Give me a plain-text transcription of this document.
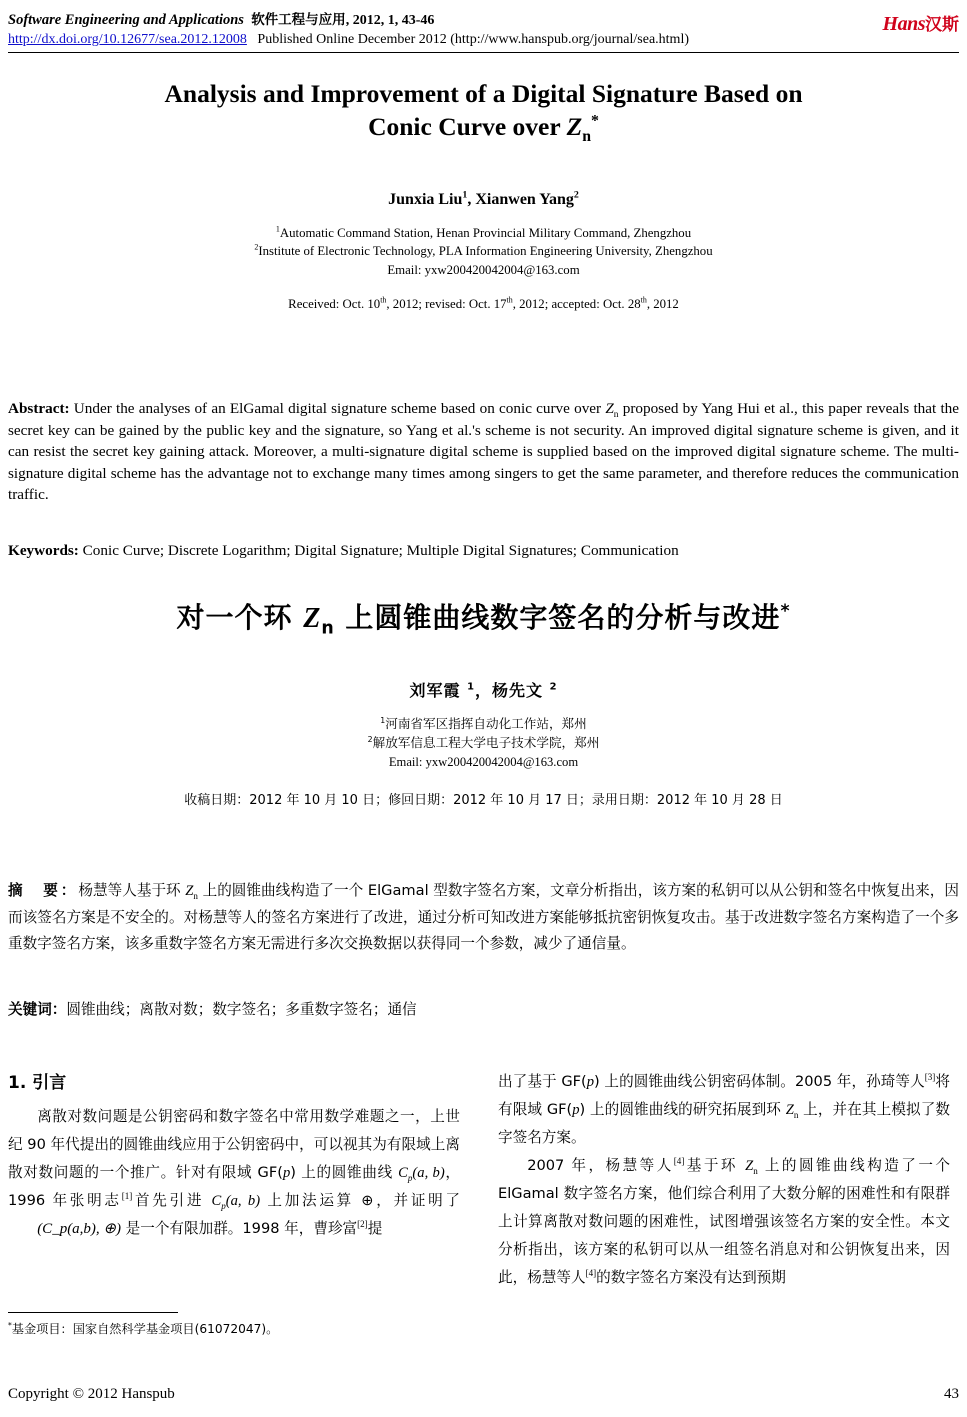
Software Engineering and Applications 软件工程与应用, 2012, 1, 43-46
http://dx.doi.org/10.12677/sea.2012.12008 Published Online December 2012 (http://www.hanspub.org/journal/sea.html)
Hans汉斯
Analysis and Improvement of a Digital Signature Based on
Conic Curve over $Z_n^*$
Junxia Liu$^1$, Xianwen Yang$^2$
$^1$Automatic Command Station, Henan Provincial Military Command, Zhengzhou
$^2$Institute of Electronic Technology, PLA Information Engineering University, Zhengzhou
Email: yxw200420042004@163.com
Received: Oct. 10th, 2012; revised: Oct. 17th, 2012; accepted: Oct. 28th, 2012
Abstract: Under the analyses of an ElGamal digital signature scheme based on conic curve over $Z_n$ proposed by Yang Hui et al., this paper reveals that the secret key can be gained by the public key and the signature, so Yang et al.'s scheme is not security. An improved digital signature scheme is given, and it can resist the secret key gaining attack. Moreover, a multi-signature digital scheme is supplied based on the improved digital signature scheme. The multi-signature digital scheme has the advantage not to exchange many times among singers to get the same parameter, and therefore reduces the communication traffic.
Keywords: Conic Curve; Discrete Logarithm; Digital Signature; Multiple Digital Signatures; Communication
对一个环 $Z_n$ 上圆锥曲线数字签名的分析与改进*
刘军霞 $^1$，杨先文 $^2$
$^1$河南省军区指挥自动化工作站，郑州
$^2$解放军信息工程大学电子技术学院，郑州
Email: yxw200420042004@163.com
收稿日期：2012 年 10 月 10 日；修回日期：2012 年 10 月 17 日；录用日期：2012 年 10 月 28 日
摘　要：杨慧等人基于环 $Z_n$ 上的圆锥曲线构造了一个 ElGamal 型数字签名方案，文章分析指出，该方案的私钥可以从公钥和签名中恢复出来，因而该签名方案是不安全的。对杨慧等人的签名方案进行了改进，通过分析可知改进方案能够抵抗密钥恢复攻击。基于改进数字签名方案构造了一个多重数字签名方案，该多重数字签名方案无需进行多次交换数据以获得同一个参数，减少了通信量。
关键词：圆锥曲线；离散对数；数字签名；多重数字签名；通信
1. 引言

离散对数问题是公钥密码和数字签名中常用数学难题之一，上世纪 90 年代提出的圆锥曲线应用于公钥密码中，可以视其为有限域上离散对数问题的一个推广。针对有限域 GF(p) 上的圆锥曲线 $C_p(a$, b)，1996 年张明志[1]首先引进 $C_p(a$, b) 上加法运算 ⊕，并证明了 (C_p(a,b), ⊕) 是一个有限加群。1998 年，曹珍富[2]提

出了基于 GF(p) 上的圆锥曲线公钥密码体制。2005 年，孙琦等人[3]将有限域 GF(p) 上的圆锥曲线的研究拓展到环 $Z_n$ 上，并在其上模拟了数字签名方案。

2007 年，杨慧等人[4]基于环 $Z_n$ 上的圆锥曲线构造了一个 ElGamal 数字签名方案，他们综合利用了大数分解的困难性和有限群上计算离散对数问题的困难性，试图增强该签名方案的安全性。本文分析指出，该方案的私钥可以从一组签名消息对和公钥恢复出来，因此，杨慧等人[4]的数字签名方案没有达到预期

*基金项目：国家自然科学基金项目(61072047)。
Copyright © 2012 Hanspub	43
